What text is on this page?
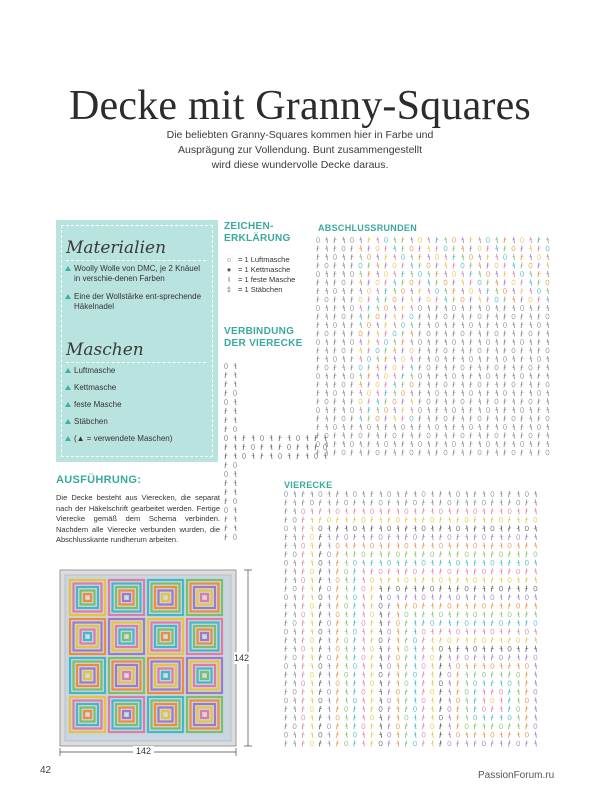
Decke mit Granny-Squares
Die beliebten Granny-Squares kommen hier in Farbe und
Ausprägung zur Vollendung. Bunt zusammengestellt
wird diese wundervolle Decke daraus.
Materialien
Woolly Wolle von DMC, je 2 Knäuel in verschie-denen Farben
Eine der Wollstärke ent-sprechende Häkelnadel
Maschen
Luftmasche
Kettmasche
feste Masche
Stäbchen
(▲ = verwendete Maschen)
ZEICHEN-
ERKLÄRUNG
○ = 1 Luftmasche
● = 1 Kettmasche
I	= 1 feste Masche
‡ = 1 Stäbchen
VERBINDUNG
DER VIERECKE
ABSCHLUSSRUNDEN
VIERECKE
AUSFÜHRUNG:
Die Decke besteht aus Vierecken, die separat nach der Häkelschrift gearbeitet werden. Fertige Vierecke gemäß dem Schema verbinden. Nachdem alle Vierecke verbunden wurden, die Abschlusskante rundherum arbeiten.
142
142
42	PassionForum.ru
